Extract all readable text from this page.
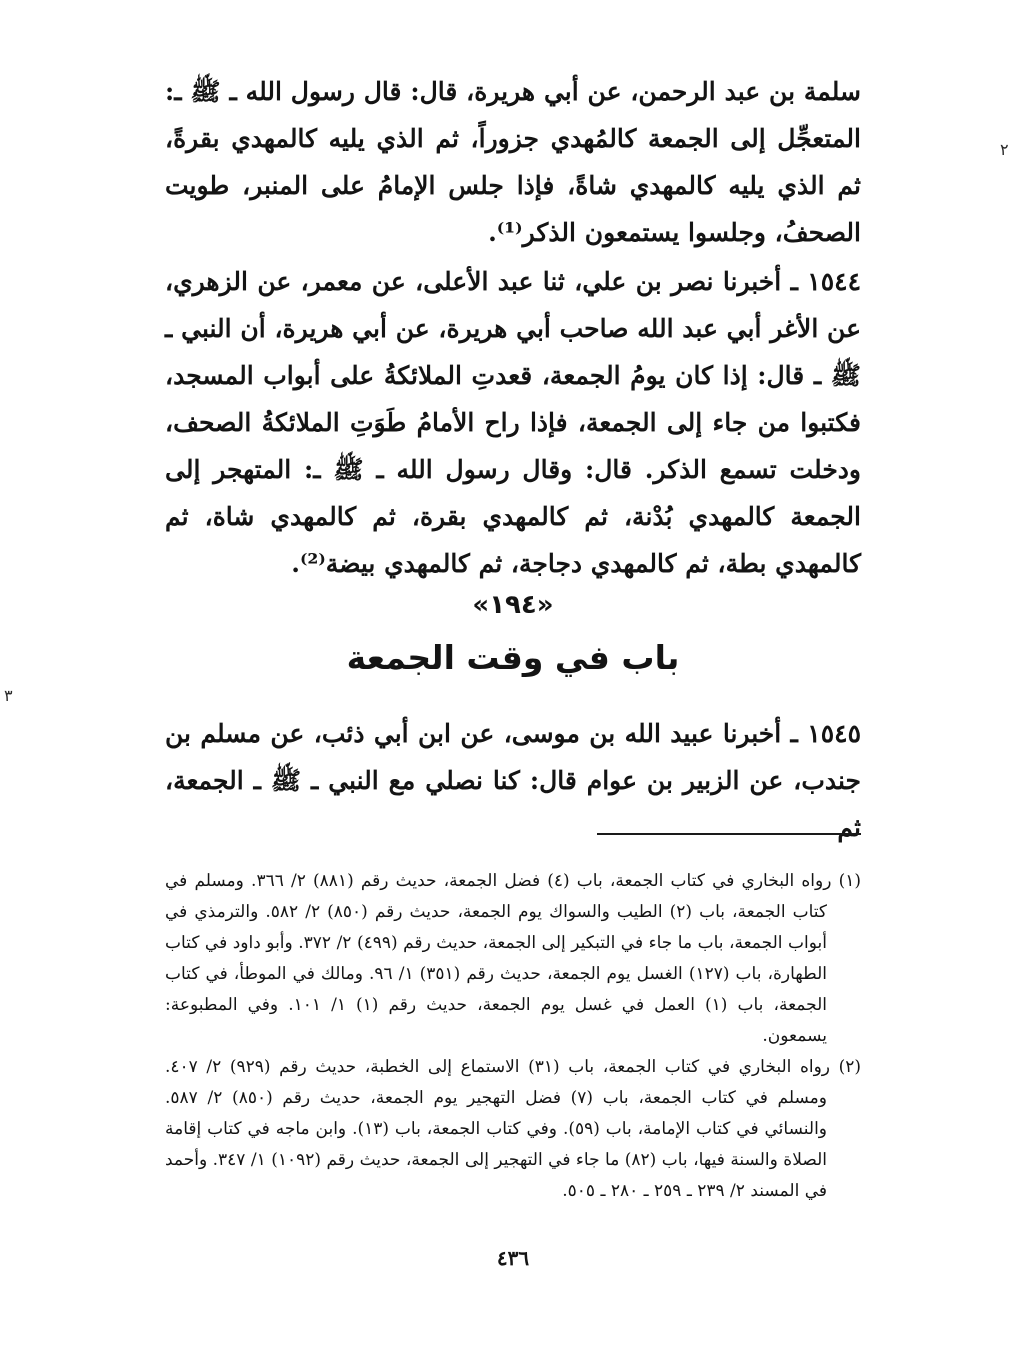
٢
٣

سلمة بن عبد الرحمن، عن أبي هريرة، قال: قال رسول الله ـ ﷺ ـ: المتعجِّل إلى الجمعة كالمُهدي جزوراً، ثم الذي يليه كالمهدي بقرةً، ثم الذي يليه كالمهدي شاةً، فإذا جلس الإمامُ على المنبر، طويت الصحفُ، وجلسوا يستمعون الذكر⁽¹⁾.

١٥٤٤ ـ أخبرنا نصر بن علي، ثنا عبد الأعلى، عن معمر، عن الزهري، عن الأغر أبي عبد الله صاحب أبي هريرة، عن أبي هريرة، أن النبي ـ ﷺ ـ قال: إذا كان يومُ الجمعة، قعدتِ الملائكةُ على أبواب المسجد، فكتبوا من جاء إلى الجمعة، فإذا راح الأمامُ طَوَتِ الملائكةُ الصحف، ودخلت تسمع الذكر. قال: وقال رسول الله ـ ﷺ ـ: المتهجر إلى الجمعة كالمهدي بُدْنة، ثم كالمهدي بقرة، ثم كالمهدي شاة، ثم كالمهدي بطة، ثم كالمهدي دجاجة، ثم كالمهدي بيضة⁽²⁾.

«١٩٤»
باب في وقت الجمعة

١٥٤٥ ـ أخبرنا عبيد الله بن موسى، عن ابن أبي ذئب، عن مسلم بن جندب، عن الزبير بن عوام قال: كنا نصلي مع النبي ـ ﷺ ـ الجمعة، ثم

(١) رواه البخاري في كتاب الجمعة، باب (٤) فضل الجمعة، حديث رقم (٨٨١) ٢/ ٣٦٦. ومسلم في كتاب الجمعة، باب (٢) الطيب والسواك يوم الجمعة، حديث رقم (٨٥٠) ٢/ ٥٨٢. والترمذي في أبواب الجمعة، باب ما جاء في التبكير إلى الجمعة، حديث رقم (٤٩٩) ٢/ ٣٧٢. وأبو داود في كتاب الطهارة، باب (١٢٧) الغسل يوم الجمعة، حديث رقم (٣٥١) ١/ ٩٦. ومالك في الموطأ، في كتاب الجمعة، باب (١) العمل في غسل يوم الجمعة، حديث رقم (١) ١/ ١٠١. وفي المطبوعة: يسمعون.

(٢) رواه البخاري في كتاب الجمعة، باب (٣١) الاستماع إلى الخطبة، حديث رقم (٩٢٩) ٢/ ٤٠٧. ومسلم في كتاب الجمعة، باب (٧) فضل التهجير يوم الجمعة، حديث رقم (٨٥٠) ٢/ ٥٨٧. والنسائي في كتاب الإمامة، باب (٥٩). وفي كتاب الجمعة، باب (١٣). وابن ماجه في كتاب إقامة الصلاة والسنة فيها، باب (٨٢) ما جاء في التهجير إلى الجمعة، حديث رقم (١٠٩٢) ١/ ٣٤٧. وأحمد في المسند ٢/ ٢٣٩ ـ ٢٥٩ ـ ٢٨٠ ـ ٥٠٥.

٤٣٦
